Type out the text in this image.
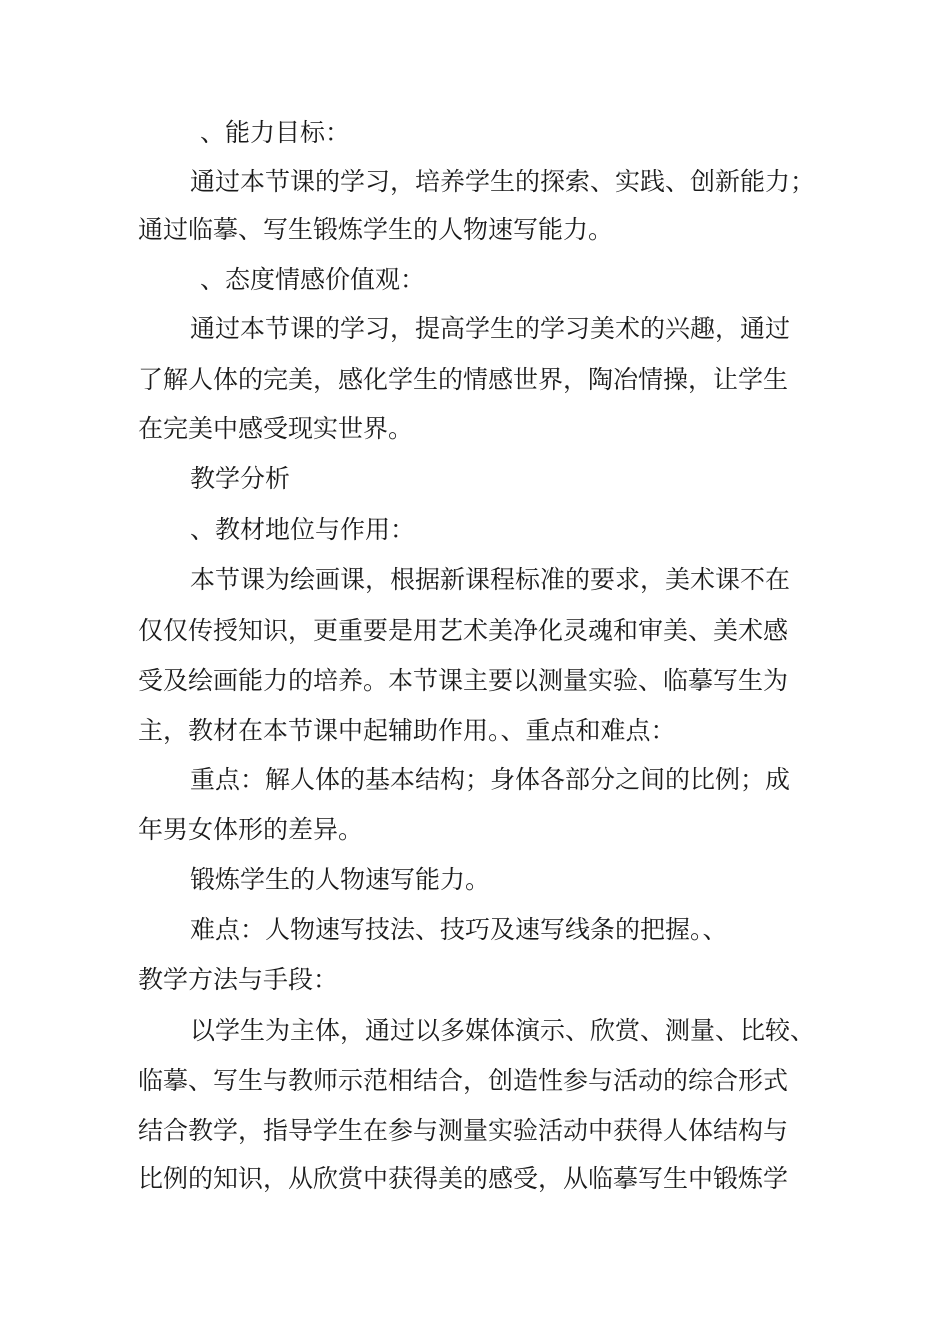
、能力目标：
通过本节课的学习，培养学生的探索、实践、创新能力；
通过临摹、写生锻炼学生的人物速写能力。
、态度情感价值观：
通过本节课的学习，提高学生的学习美术的兴趣，通过
了解人体的完美，感化学生的情感世界，陶冶情操，让学生
在完美中感受现实世界。
教学分析
、教材地位与作用：
本节课为绘画课，根据新课程标准的要求，美术课不在
仅仅传授知识，更重要是用艺术美净化灵魂和审美、美术感
受及绘画能力的培养。本节课主要以测量实验、临摹写生为
主，教材在本节课中起辅助作用。、重点和难点：
重点：解人体的基本结构；身体各部分之间的比例；成
年男女体形的差异。
锻炼学生的人物速写能力。
难点：人物速写技法、技巧及速写线条的把握。、
教学方法与手段：
以学生为主体，通过以多媒体演示、欣赏、测量、比较、
临摹、写生与教师示范相结合，创造性参与活动的综合形式
结合教学，指导学生在参与测量实验活动中获得人体结构与
比例的知识，从欣赏中获得美的感受，从临摹写生中锻炼学
